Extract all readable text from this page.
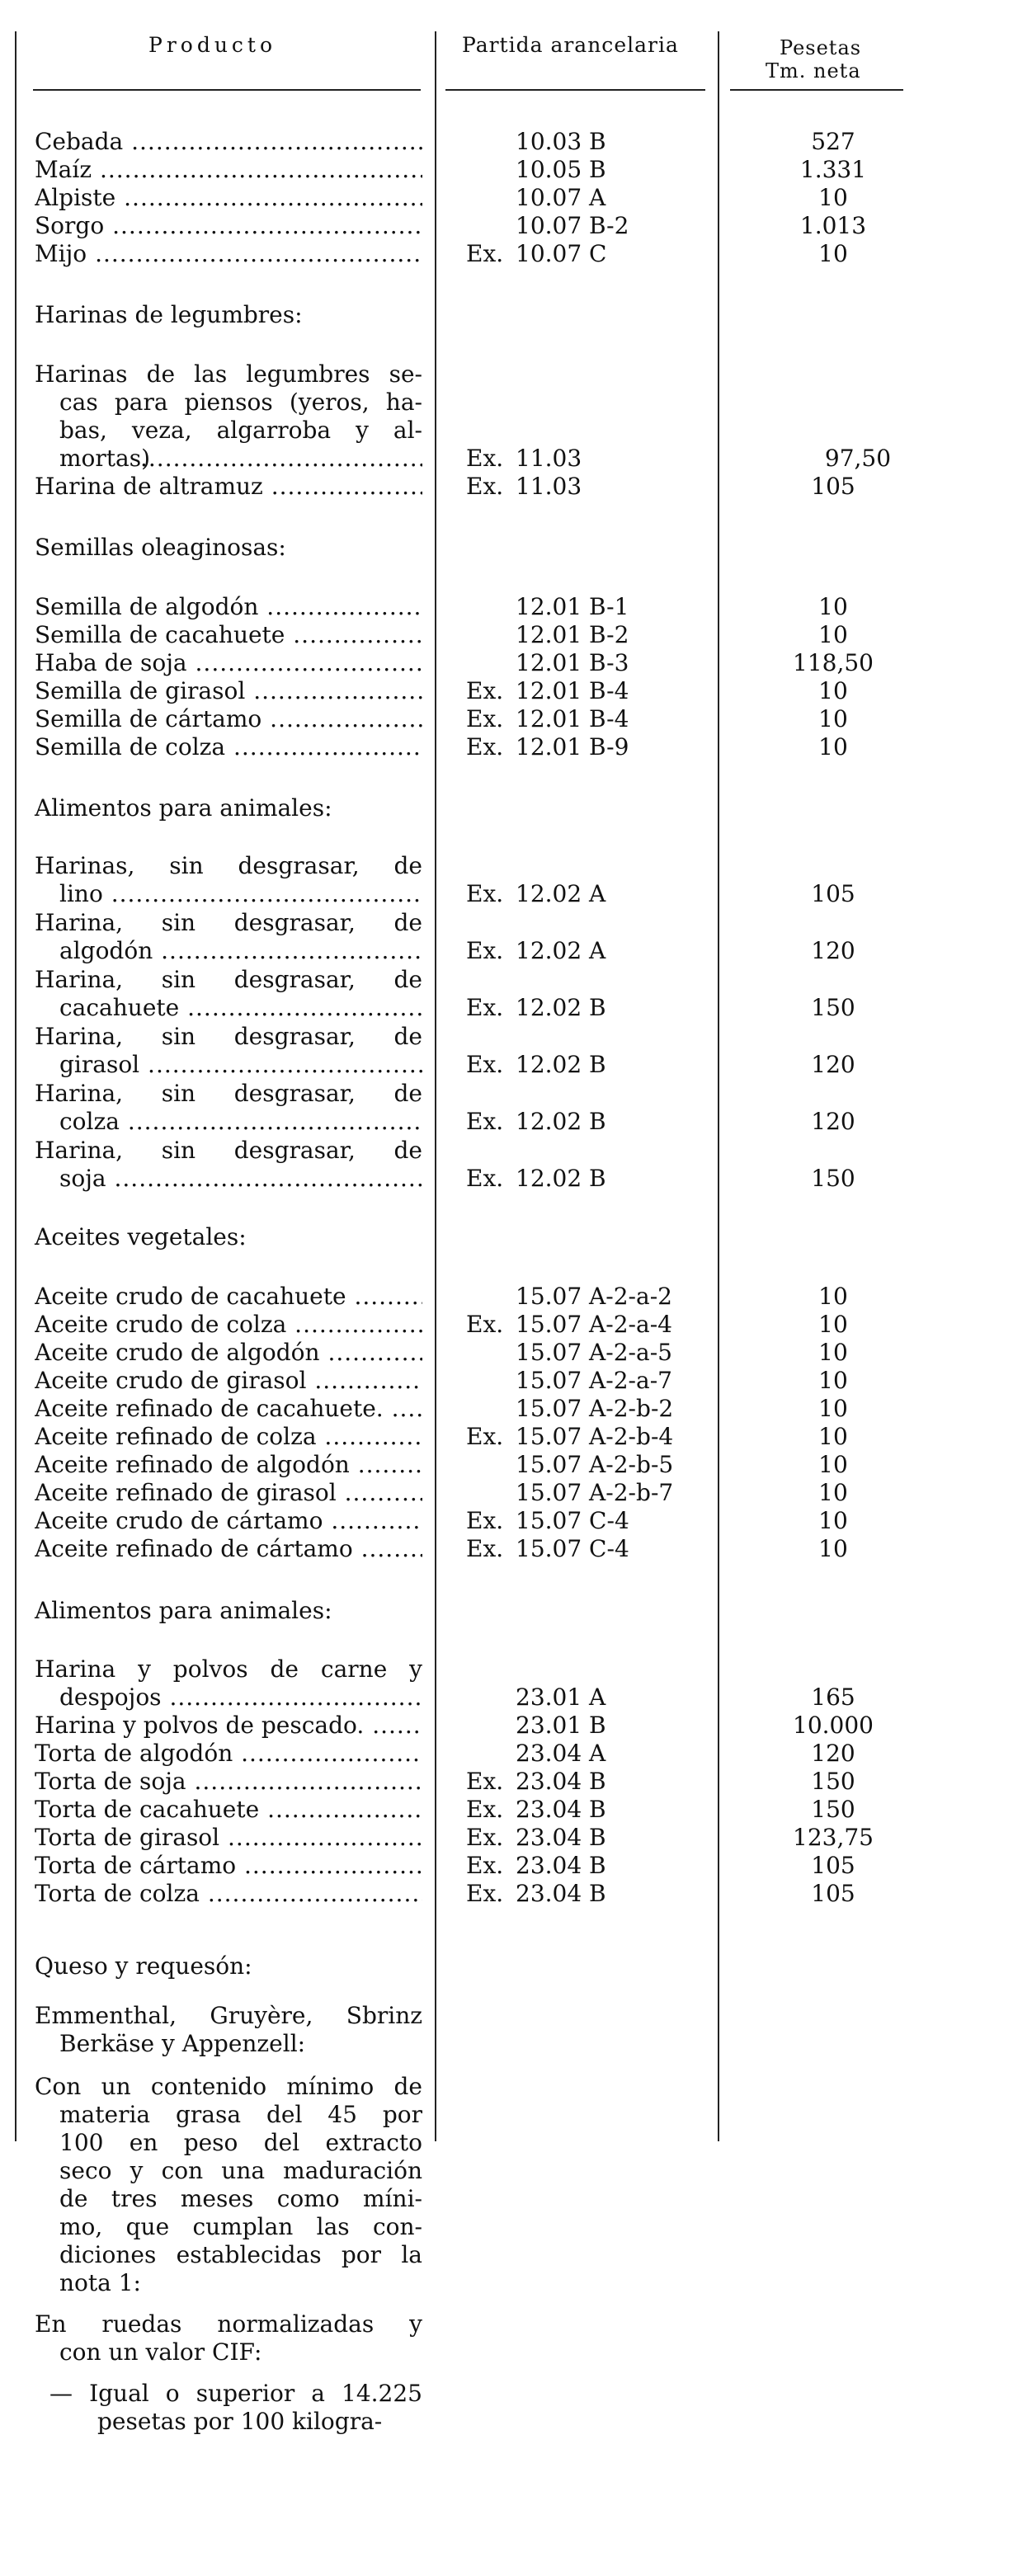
Producto	Partida arancelaria	Pesetas
Tm. neta
Cebada .....	10.03 B	527
Maíz .....	10.05 B	1.331
Alpiste .....	10.07 A	10
Sorgo .....	10.07 B-2	1.013
Mijo .....	Ex. 10.07 C	10
Harinas de legumbres:
Harinas de las legumbres se-
cas para piensos (yeros, ha-
bas, veza, algarroba y al-
mortas)
.....	Ex. 11.03	97,50
Harina de altramuz .....	Ex. 11.03	105
Semillas oleaginosas:
Semilla de algodón .....	12.01 B-1	10
Semilla de cacahuete .....	12.01 B-2	10
Haba de soja .....	12.01 B-3	118,50
Semilla de girasol .....	Ex. 12.01 B-4	10
Semilla de cártamo .....	Ex. 12.01 B-4	10
Semilla de colza .....	Ex. 12.01 B-9	10
Alimentos para animales:
Harinas, sin desgrasar, de
lino .....	Ex. 12.02 A	105
Harina, sin desgrasar, de
algodón .....	Ex. 12.02 A	120
Harina, sin desgrasar, de
cacahuete .....	Ex. 12.02 B	150
Harina, sin desgrasar, de
girasol .....	Ex. 12.02 B	120
Harina, sin desgrasar, de
colza .....	Ex. 12.02 B	120
Harina, sin desgrasar, de
soja .....	Ex. 12.02 B	150
Aceites vegetales:
Aceite crudo de cacahuete .....	15.07 A-2-a-2	10
Aceite crudo de colza .....	Ex. 15.07 A-2-a-4	10
Aceite crudo de algodón .....	15.07 A-2-a-5	10
Aceite crudo de girasol .....	15.07 A-2-a-7	10
Aceite refinado de cacahuete. .....	15.07 A-2-b-2	10
Aceite refinado de colza .....	Ex. 15.07 A-2-b-4	10
Aceite refinado de algodón .....	15.07 A-2-b-5	10
Aceite refinado de girasol .....	15.07 A-2-b-7	10
Aceite crudo de cártamo .....	Ex. 15.07 C-4	10
Aceite refinado de cártamo .....	Ex. 15.07 C-4	10
Alimentos para animales:
Harina y polvos de carne y
despojos .....	23.01 A	165
Harina y polvos de pescado. .....	23.01 B	10.000
Torta de algodón .....	23.04 A	120
Torta de soja .....	Ex. 23.04 B	150
Torta de cacahuete .....	Ex. 23.04 B	150
Torta de girasol .....	Ex. 23.04 B	123,75
Torta de cártamo .....	Ex. 23.04 B	105
Torta de colza .....	Ex. 23.04 B	105
Queso y requesón:
Emmenthal, Gruyère, Sbrinz
Berkäse y Appenzell:
Con un contenido mínimo de
materia grasa del 45 por
100 en peso del extracto
seco y con una maduración
de tres meses como míni-
mo, que cumplan las con-
diciones establecidas por la
nota 1:
En ruedas normalizadas y
con un valor CIF:
— Igual o superior a 14.225
pesetas por 100 kilogra-
